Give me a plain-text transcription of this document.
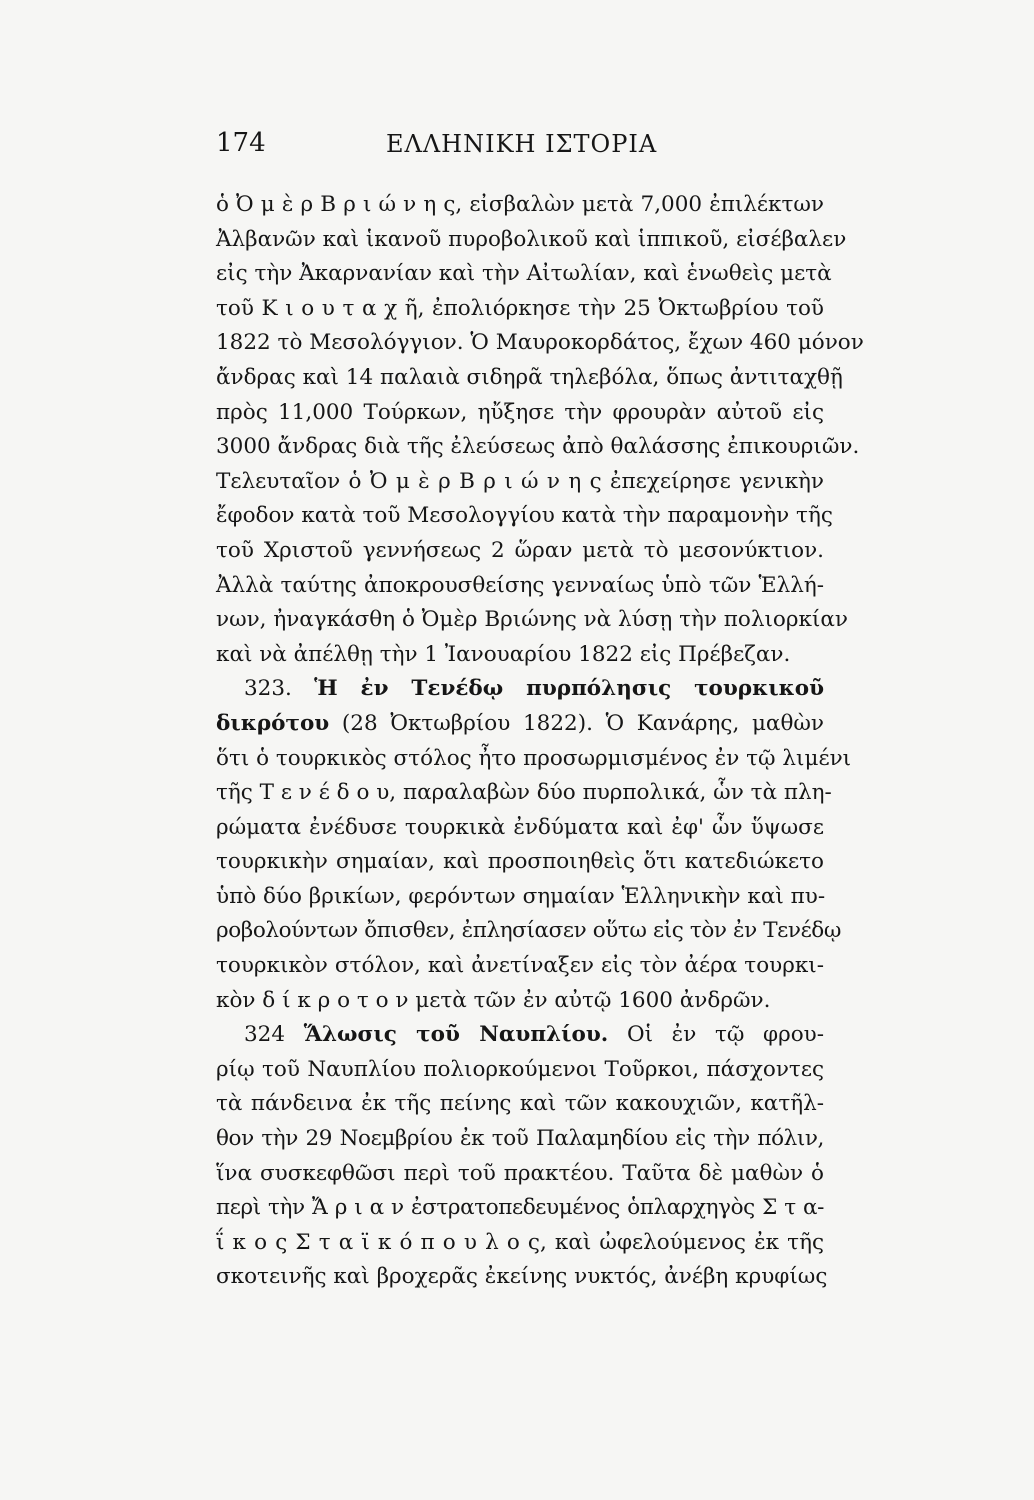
174	ΕΛΛΗΝΙΚΗ ΙΣΤΟΡΙΑ
ὁ Ὀ μ ὲ ρ Β ρ ι ώ ν η ς, εἰσβαλὼν μετὰ 7,000 ἐπιλέκτων
Ἀλβανῶν καὶ ἱκανοῦ πυροβολικοῦ καὶ ἱππικοῦ, εἰσέβαλεν
εἰς τὴν Ἀκαρνανίαν καὶ τὴν Αἰτωλίαν, καὶ ἑνωθεὶς μετὰ
τοῦ Κ ι ο υ τ α χ ῆ, ἐπολιόρκησε τὴν 25 Ὀκτωβρίου τοῦ
1822 τὸ Μεσολόγγιον. Ὁ Μαυροκορδάτος, ἔχων 460 μόνον
ἄνδρας καὶ 14 παλαιὰ σιδηρᾶ τηλεβόλα, ὅπως ἀντιταχθῇ
πρὸς 11,000 Τούρκων, ηὔξησε τὴν φρουρὰν αὐτοῦ εἰς
3000 ἄνδρας διὰ τῆς ἐλεύσεως ἀπὸ θαλάσσης ἐπικουριῶν.
Τελευταῖον ὁ Ὀ μ ὲ ρ Β ρ ι ώ ν η ς ἐπεχείρησε γενικὴν
ἔφοδον κατὰ τοῦ Μεσολογγίου κατὰ τὴν παραμονὴν τῆς
τοῦ Χριστοῦ γεννήσεως 2 ὥραν μετὰ τὸ μεσονύκτιον.
Ἀλλὰ ταύτης ἀποκρουσθείσης γενναίως ὑπὸ τῶν Ἑλλή-
νων, ἠναγκάσθη ὁ Ὀμὲρ Βριώνης νὰ λύσῃ τὴν πολιορκίαν
καὶ νὰ ἀπέλθῃ τὴν 1 Ἰανουαρίου 1822 εἰς Πρέβεζαν.
323. Ἡ ἐν Τενέδῳ πυρπόλησις τουρκικοῦ
δικρότου (28 Ὀκτωβρίου 1822). Ὁ Κανάρης, μαθὼν
ὅτι ὁ τουρκικὸς στόλος ἦτο προσωρμισμένος ἐν τῷ λιμένι
τῆς Τ ε ν έ δ ο υ, παραλαβὼν δύο πυρπολικά, ὧν τὰ πλη-
ρώματα ἐνέδυσε τουρκικὰ ἐνδύματα καὶ ἐφ' ὧν ὕψωσε
τουρκικὴν σημαίαν, καὶ προσποιηθεὶς ὅτι κατεδιώκετο
ὑπὸ δύο βρικίων, φερόντων σημαίαν Ἑλληνικὴν καὶ πυ-
ροβολούντων ὄπισθεν, ἐπλησίασεν οὕτω εἰς τὸν ἐν Τενέδῳ
τουρκικὸν στόλον, καὶ ἀνετίναξεν εἰς τὸν ἀέρα τουρκι-
κὸν δ ί κ ρ ο τ ο ν μετὰ τῶν ἐν αὐτῷ 1600 ἀνδρῶν.
324 Ἅλωσις τοῦ Ναυπλίου. Οἱ ἐν τῷ φρου-
ρίῳ τοῦ Ναυπλίου πολιορκούμενοι Τοῦρκοι, πάσχοντες
τὰ πάνδεινα ἐκ τῆς πείνης καὶ τῶν κακουχιῶν, κατῆλ-
θον τὴν 29 Νοεμβρίου ἐκ τοῦ Παλαμηδίου εἰς τὴν πόλιν,
ἵνα συσκεφθῶσι περὶ τοῦ πρακτέου. Ταῦτα δὲ μαθὼν ὁ
περὶ τὴν Ἄ ρ ι α ν ἐστρατοπεδευμένος ὁπλαρχηγὸς Σ τ α-
ΐ κ ο ς Σ τ α ϊ κ ό π ο υ λ ο ς, καὶ ὠφελούμενος ἐκ τῆς
σκοτεινῆς καὶ βροχερᾶς ἐκείνης νυκτός, ἀνέβη κρυφίως
